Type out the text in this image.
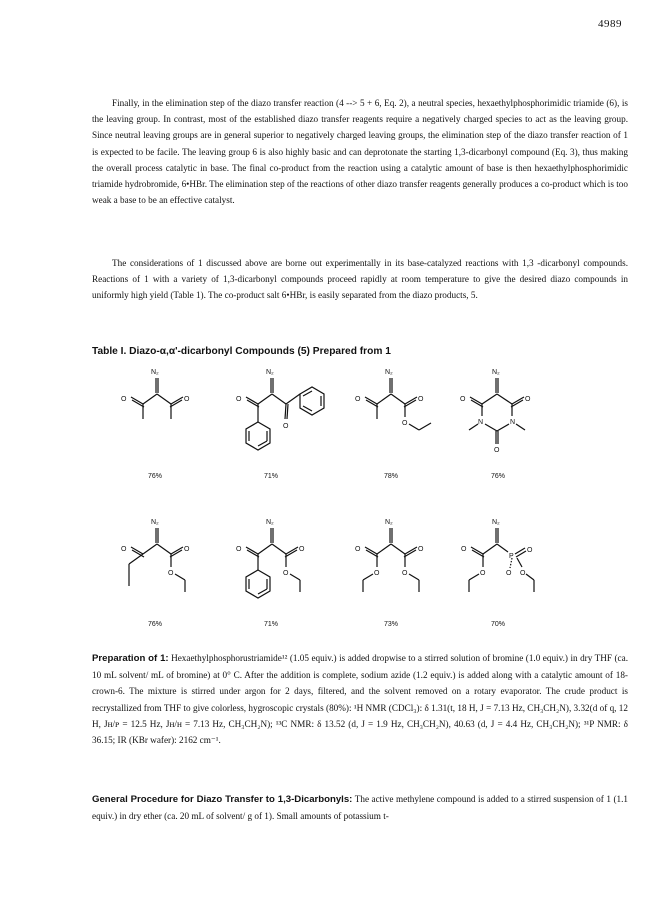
4989

Finally, in the elimination step of the diazo transfer reaction (4 --> 5 + 6, Eq. 2), a neutral species, hexaethylphosphorimidic triamide (6), is the leaving group. In contrast, most of the established diazo transfer reagents require a negatively charged species to act as the leaving group. Since neutral leaving groups are in general superior to negatively charged leaving groups, the elimination step of the diazo transfer reaction of 1 is expected to be facile. The leaving group 6 is also highly basic and can deprotonate the starting 1,3-dicarbonyl compound (Eq. 3), thus making the overall process catalytic in base. The final co-product from the reaction using a catalytic amount of base is then hexaethylphosphorimidic triamide hydrobromide, 6•HBr. The elimination step of the reactions of other diazo transfer reagents generally produces a co-product which is too weak a base to be an effective catalyst.

The considerations of 1 discussed above are borne out experimentally in its base-catalyzed reactions with 1,3 -dicarbonyl compounds. Reactions of 1 with a variety of 1,3-dicarbonyl compounds proceed rapidly at room temperature to give the desired diazo compounds in uniformly high yield (Table 1). The co-product salt 6•HBr, is easily separated from the diazo products, 5.

Table I. Diazo-α,α'-dicarbonyl Compounds (5) Prepared from 1

N₂
O	O
76%
N₂
O
O
71%
N₂
O	O
O
78%
N₂
O	O
N	N
O
76%
N₂
O	O
O
76%
N₂
O	O
O
71%
N₂
O	O
O	O
73%
N₂
O
P
O
O	O O
70%

Preparation of 1: Hexaethylphosphorustriamide¹² (1.05 equiv.) is added dropwise to a stirred solution of bromine (1.0 equiv.) in dry THF (ca. 10 mL solvent/ mL of bromine) at 0° C. After the addition is complete, sodium azide (1.2 equiv.) is added along with a catalytic amount of 18-crown-6. The mixture is stirred under argon for 2 days, filtered, and the solvent removed on a rotary evaporator. The crude product is recrystallized from THF to give colorless, hygroscopic crystals (80%): ¹H NMR (CDCl₃): δ 1.31(t, 18 H, J = 7.13 Hz, CH₃CH₂N), 3.32(d of q, 12 H, Jʜ/ᴘ = 12.5 Hz, Jʜ/ʜ = 7.13 Hz, CH₃CH₂N); ¹³C NMR: δ 13.52 (d, J = 1.9 Hz, CH₃CH₂N), 40.63 (d, J = 4.4 Hz, CH₃CH₂N); ³¹P NMR: δ 36.15; IR (KBr wafer): 2162 cm⁻¹.

General Procedure for Diazo Transfer to 1,3-Dicarbonyls: The active methylene compound is added to a stirred suspension of 1 (1.1 equiv.) in dry ether (ca. 20 mL of solvent/ g of 1). Small amounts of potassium t-
